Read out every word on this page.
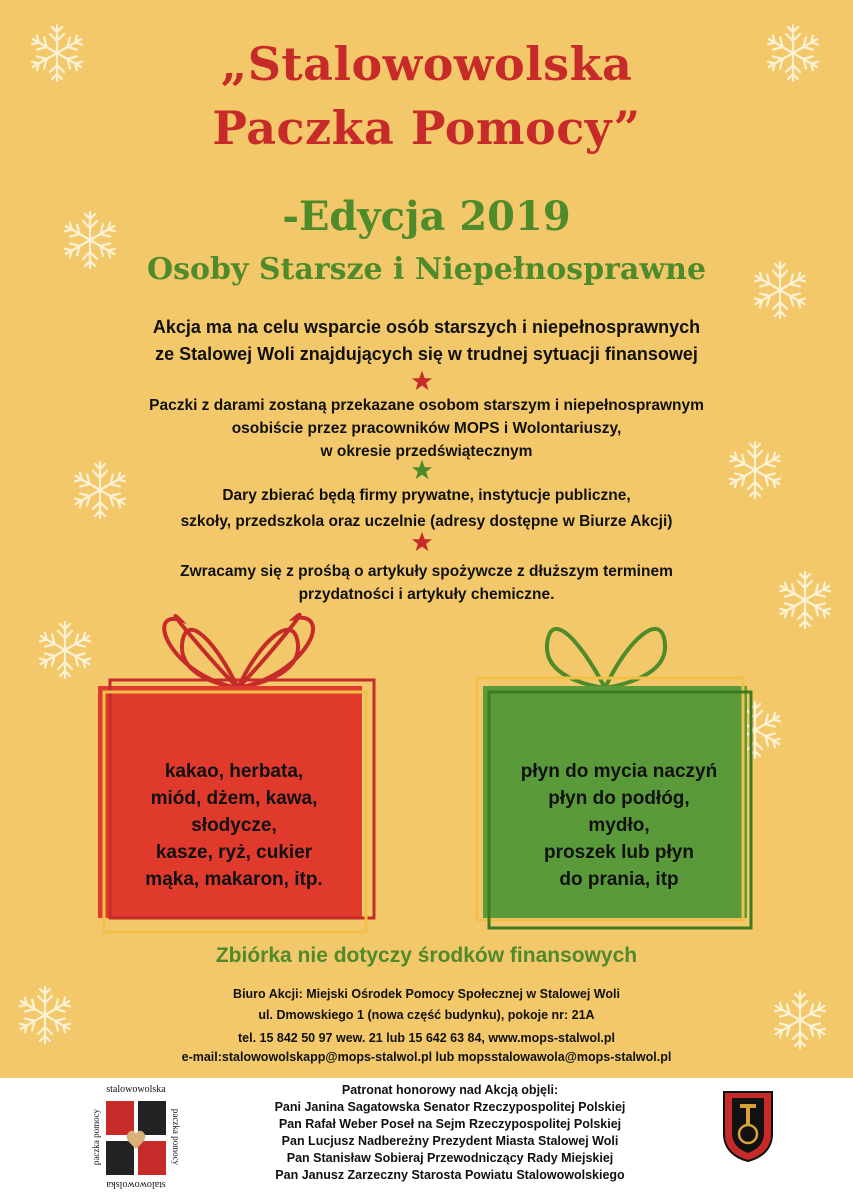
„Stalowowolska
Paczka Pomocy”
-Edycja 2019
Osoby Starsze i Niepełnosprawne
Akcja ma na celu wsparcie osób starszych i niepełnosprawnych
ze Stalowej Woli znajdujących się w trudnej sytuacji finansowej
Paczki z darami zostaną przekazane osobom starszym i niepełnosprawnym
osobiście przez pracowników MOPS i Wolontariuszy,
w okresie przedświątecznym
Dary zbierać będą firmy prywatne, instytucje publiczne,
szkoły, przedszkola oraz uczelnie (adresy dostępne w Biurze Akcji)
Zwracamy się z prośbą o artykuły spożywcze z dłuższym terminem
przydatności i artykuły chemiczne.
kakao, herbata,
miód, dżem, kawa,
słodycze,
kasze, ryż, cukier
mąka, makaron, itp.
płyn do mycia naczyń
płyn do podłóg,
mydło,
proszek lub płyn
do prania, itp
Zbiórka nie dotyczy środków finansowych
Biuro Akcji: Miejski Ośrodek Pomocy Społecznej w Stalowej Woli
ul. Dmowskiego 1 (nowa część budynku), pokoje nr: 21A
tel. 15 842 50 97 wew. 21 lub 15 642 63 84, www.mops-stalwol.pl
e-mail:stalowowolskapp@mops-stalwol.pl lub mopsstalowawola@mops-stalwol.pl
Patronat honorowy nad Akcją objęli:
Pani Janina Sagatowska Senator Rzeczypospolitej Polskiej
Pan Rafał Weber Poseł na Sejm Rzeczypospolitej Polskiej
Pan Lucjusz Nadbereżny Prezydent Miasta Stalowej Woli
Pan Stanisław Sobieraj Przewodniczący Rady Miejskiej
Pan Janusz Zarzeczny Starosta Powiatu Stalowowolskiego
stalowowolska
paczka pomocy	paczka pomocy
stalowowolska
